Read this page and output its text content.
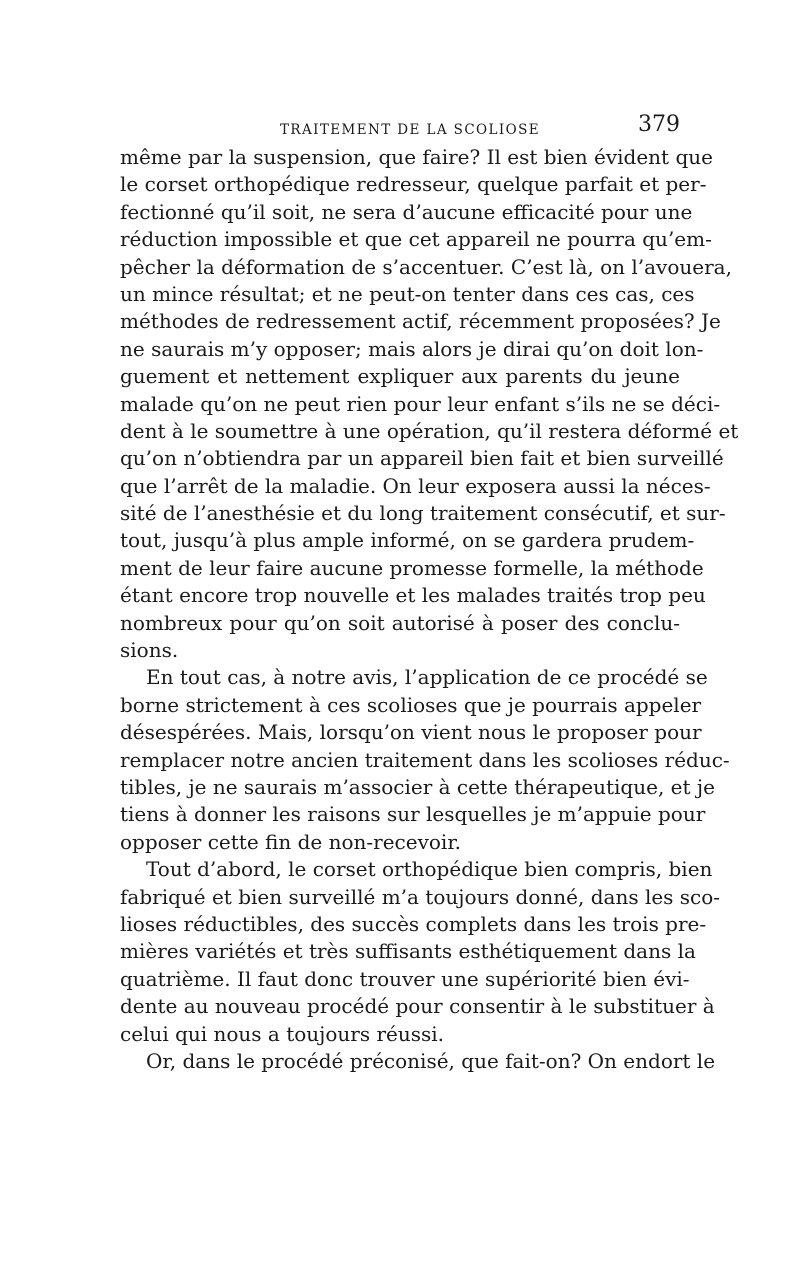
TRAITEMENT DE LA SCOLIOSE	379
même par la suspension, que faire? Il est bien évident que
le corset orthopédique redresseur, quelque parfait et per-
fectionné qu’il soit, ne sera d’aucune efficacité pour une
réduction impossible et que cet appareil ne pourra qu’em-
pêcher la déformation de s’accentuer. C’est là, on l’avouera,
un mince résultat; et ne peut-on tenter dans ces cas, ces
méthodes de redressement actif, récemment proposées? Je
ne saurais m’y opposer; mais alors je dirai qu’on doit lon-
guement et nettement expliquer aux parents du jeune
malade qu’on ne peut rien pour leur enfant s’ils ne se déci-
dent à le soumettre à une opération, qu’il restera déformé et
qu’on n’obtiendra par un appareil bien fait et bien surveillé
que l’arrêt de la maladie. On leur exposera aussi la néces-
sité de l’anesthésie et du long traitement consécutif, et sur-
tout, jusqu’à plus ample informé, on se gardera prudem-
ment de leur faire aucune promesse formelle, la méthode
étant encore trop nouvelle et les malades traités trop peu
nombreux pour qu’on soit autorisé à poser des conclu-
sions.
En tout cas, à notre avis, l’application de ce procédé se
borne strictement à ces scolioses que je pourrais appeler
désespérées. Mais, lorsqu’on vient nous le proposer pour
remplacer notre ancien traitement dans les scolioses réduc-
tibles, je ne saurais m’associer à cette thérapeutique, et je
tiens à donner les raisons sur lesquelles je m’appuie pour
opposer cette fin de non-recevoir.
Tout d’abord, le corset orthopédique bien compris, bien
fabriqué et bien surveillé m’a toujours donné, dans les sco-
lioses réductibles, des succès complets dans les trois pre-
mières variétés et très suffisants esthétiquement dans la
quatrième. Il faut donc trouver une supériorité bien évi-
dente au nouveau procédé pour consentir à le substituer à
celui qui nous a toujours réussi.
Or, dans le procédé préconisé, que fait-on? On endort le
